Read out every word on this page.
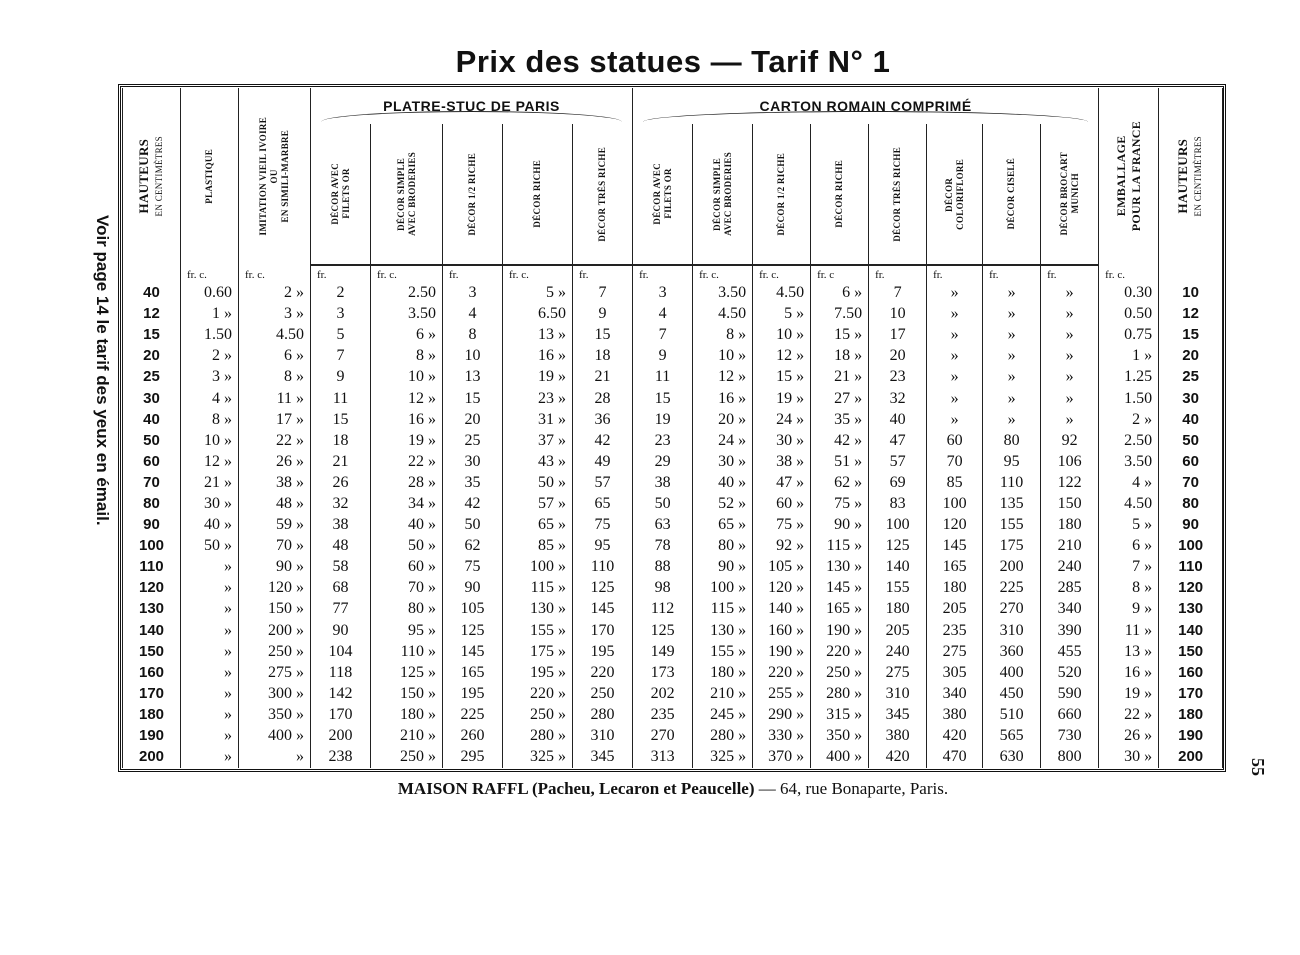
Prix des statues — Tarif N° 1
Voir page 14 le tarif des yeux en émail.
55
HAUTEURS EN CENTIMÈTRES	PLASTIQUE	IMITATION VIEIL IVOIRE
OU
EN SIMILI-MARBRE	PLATRE-STUC DE PARIS					CARTON ROMAIN COMPRIMÉ								EMBALLAGE
POUR LA FRANCE	HAUTEURS EN CENTIMÈTRES

			DÉCOR AVEC
FILETS OR	DÉCOR SIMPLE
AVEC BRODERIES	DÉCOR 1/2 RICHE	DÉCOR RICHE	DÉCOR TRÈS RICHE	DÉCOR AVEC
FILETS OR	DÉCOR SIMPLE
AVEC BRODERIES	DÉCOR 1/2 RICHE	DÉCOR RICHE	DÉCOR TRÈS RICHE	DÉCOR
COLORIFLORE	DÉCOR CISELÉ	DÉCOR BROCART
MUNICH		

	fr. c.	fr. c.	fr.	fr. c.	fr.	fr. c.	fr.	fr.	fr. c.	fr. c.	fr. c	fr.	fr.	fr.	fr.	fr. c.	
40	0.60	2 »	2	2.50	3	5 »	7	3	3.50	4.50	6 »	7	»	»	»	0.30	10
12	1 »	3 »	3	3.50	4	6.50	9	4	4.50	5 »	7.50	10	»	»	»	0.50	12
15	1.50	4.50	5	6 »	8	13 »	15	7	8 »	10 »	15 »	17	»	»	»	0.75	15
20	2 »	6 »	7	8 »	10	16 »	18	9	10 »	12 »	18 »	20	»	»	»	1 »	20
25	3 »	8 »	9	10 »	13	19 »	21	11	12 »	15 »	21 »	23	»	»	»	1.25	25
30	4 »	11 »	11	12 »	15	23 »	28	15	16 »	19 »	27 »	32	»	»	»	1.50	30
40	8 »	17 »	15	16 »	20	31 »	36	19	20 »	24 »	35 »	40	»	»	»	2 »	40
50	10 »	22 »	18	19 »	25	37 »	42	23	24 »	30 »	42 »	47	60	80	92	2.50	50
60	12 »	26 »	21	22 »	30	43 »	49	29	30 »	38 »	51 »	57	70	95	106	3.50	60
70	21 »	38 »	26	28 »	35	50 »	57	38	40 »	47 »	62 »	69	85	110	122	4 »	70
80	30 »	48 »	32	34 »	42	57 »	65	50	52 »	60 »	75 »	83	100	135	150	4.50	80
90	40 »	59 »	38	40 »	50	65 »	75	63	65 »	75 »	90 »	100	120	155	180	5 »	90
100	50 »	70 »	48	50 »	62	85 »	95	78	80 »	92 »	115 »	125	145	175	210	6 »	100
110	»	90 »	58	60 »	75	100 »	110	88	90 »	105 »	130 »	140	165	200	240	7 »	110
120	»	120 »	68	70 »	90	115 »	125	98	100 »	120 »	145 »	155	180	225	285	8 »	120
130	»	150 »	77	80 »	105	130 »	145	112	115 »	140 »	165 »	180	205	270	340	9 »	130
140	»	200 »	90	95 »	125	155 »	170	125	130 »	160 »	190 »	205	235	310	390	11 »	140
150	»	250 »	104	110 »	145	175 »	195	149	155 »	190 »	220 »	240	275	360	455	13 »	150
160	»	275 »	118	125 »	165	195 »	220	173	180 »	220 »	250 »	275	305	400	520	16 »	160
170	»	300 »	142	150 »	195	220 »	250	202	210 »	255 »	280 »	310	340	450	590	19 »	170
180	»	350 »	170	180 »	225	250 »	280	235	245 »	290 »	315 »	345	380	510	660	22 »	180
190	»	400 »	200	210 »	260	280 »	310	270	280 »	330 »	350 »	380	420	565	730	26 »	190
200	»	»	238	250 »	295	325 »	345	313	325 »	370 »	400 »	420	470	630	800	30 »	200
MAISON RAFFL (Pacheu, Lecaron et Peaucelle) — 64, rue Bonaparte, Paris.
